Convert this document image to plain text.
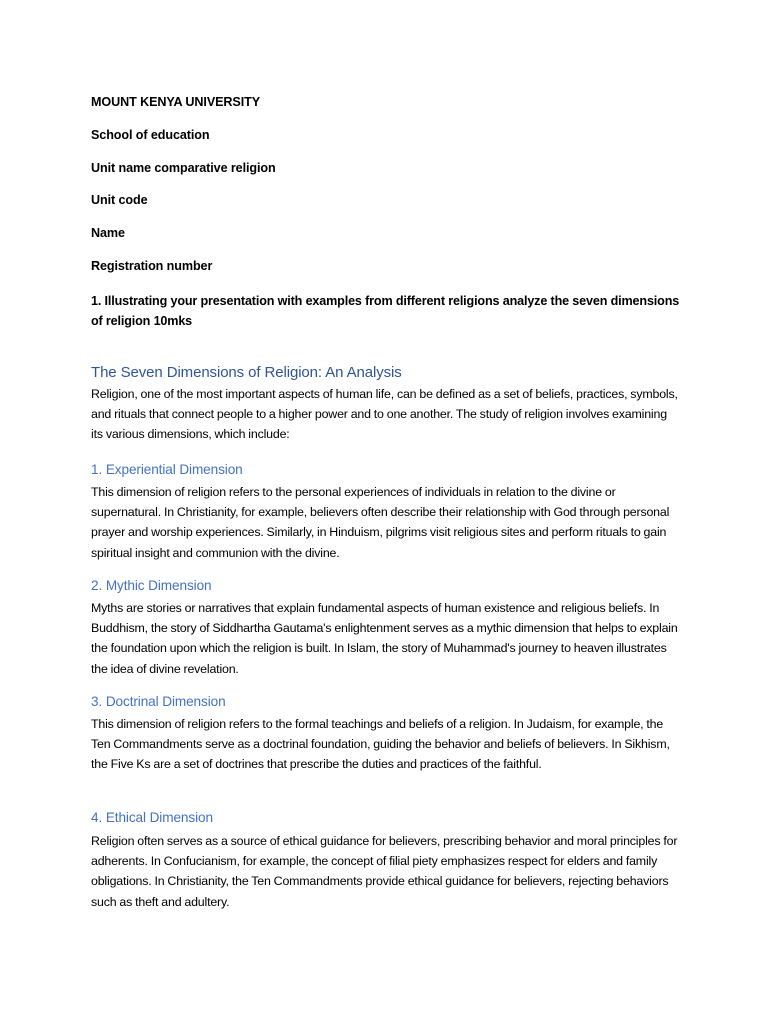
MOUNT KENYA UNIVERSITY
School of education
Unit name comparative religion
Unit code
Name
Registration number
1. Illustrating your presentation with examples from different religions analyze the seven dimensions of religion 10mks
The Seven Dimensions of Religion: An Analysis
Religion, one of the most important aspects of human life, can be defined as a set of beliefs, practices, symbols, and rituals that connect people to a higher power and to one another. The study of religion involves examining its various dimensions, which include:
1. Experiential Dimension
This dimension of religion refers to the personal experiences of individuals in relation to the divine or supernatural. In Christianity, for example, believers often describe their relationship with God through personal prayer and worship experiences. Similarly, in Hinduism, pilgrims visit religious sites and perform rituals to gain spiritual insight and communion with the divine.
2. Mythic Dimension
Myths are stories or narratives that explain fundamental aspects of human existence and religious beliefs. In Buddhism, the story of Siddhartha Gautama's enlightenment serves as a mythic dimension that helps to explain the foundation upon which the religion is built. In Islam, the story of Muhammad's journey to heaven illustrates the idea of divine revelation.
3. Doctrinal Dimension
This dimension of religion refers to the formal teachings and beliefs of a religion. In Judaism, for example, the Ten Commandments serve as a doctrinal foundation, guiding the behavior and beliefs of believers. In Sikhism, the Five Ks are a set of doctrines that prescribe the duties and practices of the faithful.
4. Ethical Dimension
Religion often serves as a source of ethical guidance for believers, prescribing behavior and moral principles for adherents. In Confucianism, for example, the concept of filial piety emphasizes respect for elders and family obligations. In Christianity, the Ten Commandments provide ethical guidance for believers, rejecting behaviors such as theft and adultery.
